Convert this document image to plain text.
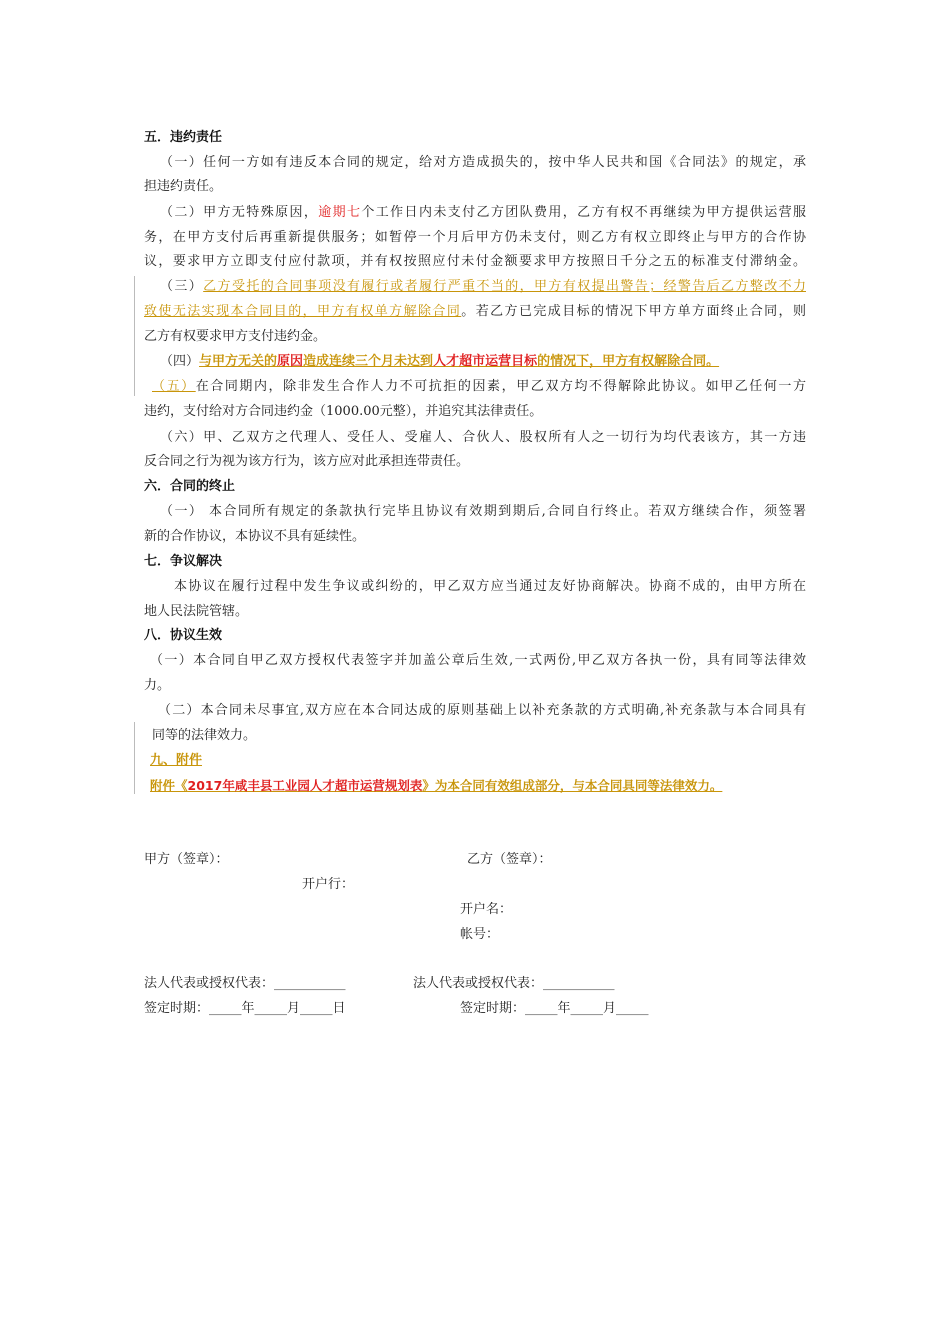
五．违约责任
（一）任何一方如有违反本合同的规定，给对方造成损失的，按中华人民共和国《合同法》的规定，承
担违约责任。
（二）甲方无特殊原因，逾期七个工作日内未支付乙方团队费用，乙方有权不再继续为甲方提供运营服
务，在甲方支付后再重新提供服务；如暂停一个月后甲方仍未支付，则乙方有权立即终止与甲方的合作协
议，要求甲方立即支付应付款项，并有权按照应付未付金额要求甲方按照日千分之五的标准支付滞纳金。
（三）乙方受托的合同事项没有履行或者履行严重不当的，甲方有权提出警告；经警告后乙方整改不力
致使无法实现本合同目的，甲方有权单方解除合同。若乙方已完成目标的情况下甲方单方面终止合同，则
乙方有权要求甲方支付违约金。
（四）与甲方无关的原因造成连续三个月未达到人才超市运营目标的情况下，甲方有权解除合同。
（五）在合同期内，除非发生合作人力不可抗拒的因素，甲乙双方均不得解除此协议。如甲乙任何一方
违约，支付给对方合同违约金（1000.00元整），并追究其法律责任。
（六）甲、乙双方之代理人、受任人、受雇人、合伙人、股权所有人之一切行为均代表该方，其一方违
反合同之行为视为该方行为，该方应对此承担连带责任。
六．合同的终止
（一） 本合同所有规定的条款执行完毕且协议有效期到期后,合同自行终止。若双方继续合作，须签署
新的合作协议，本协议不具有延续性。
七．争议解决
本协议在履行过程中发生争议或纠纷的，甲乙双方应当通过友好协商解决。协商不成的，由甲方所在
地人民法院管辖。
八．协议生效
（一）本合同自甲乙双方授权代表签字并加盖公章后生效,一式两份,甲乙双方各执一份，具有同等法律效
力。
（二）本合同未尽事宜,双方应在本合同达成的原则基础上以补充条款的方式明确,补充条款与本合同具有
同等的法律效力。
九、附件
附件《2017年咸丰县工业园人才超市运营规划表》为本合同有效组成部分，与本合同具同等法律效力。
甲方（签章）：	乙方（签章）：
开户行：
开户名：
帐号：
法人代表或授权代表：___________	法人代表或授权代表：___________
签定时期：_____年_____月_____日	签定时期：_____年_____月_____
